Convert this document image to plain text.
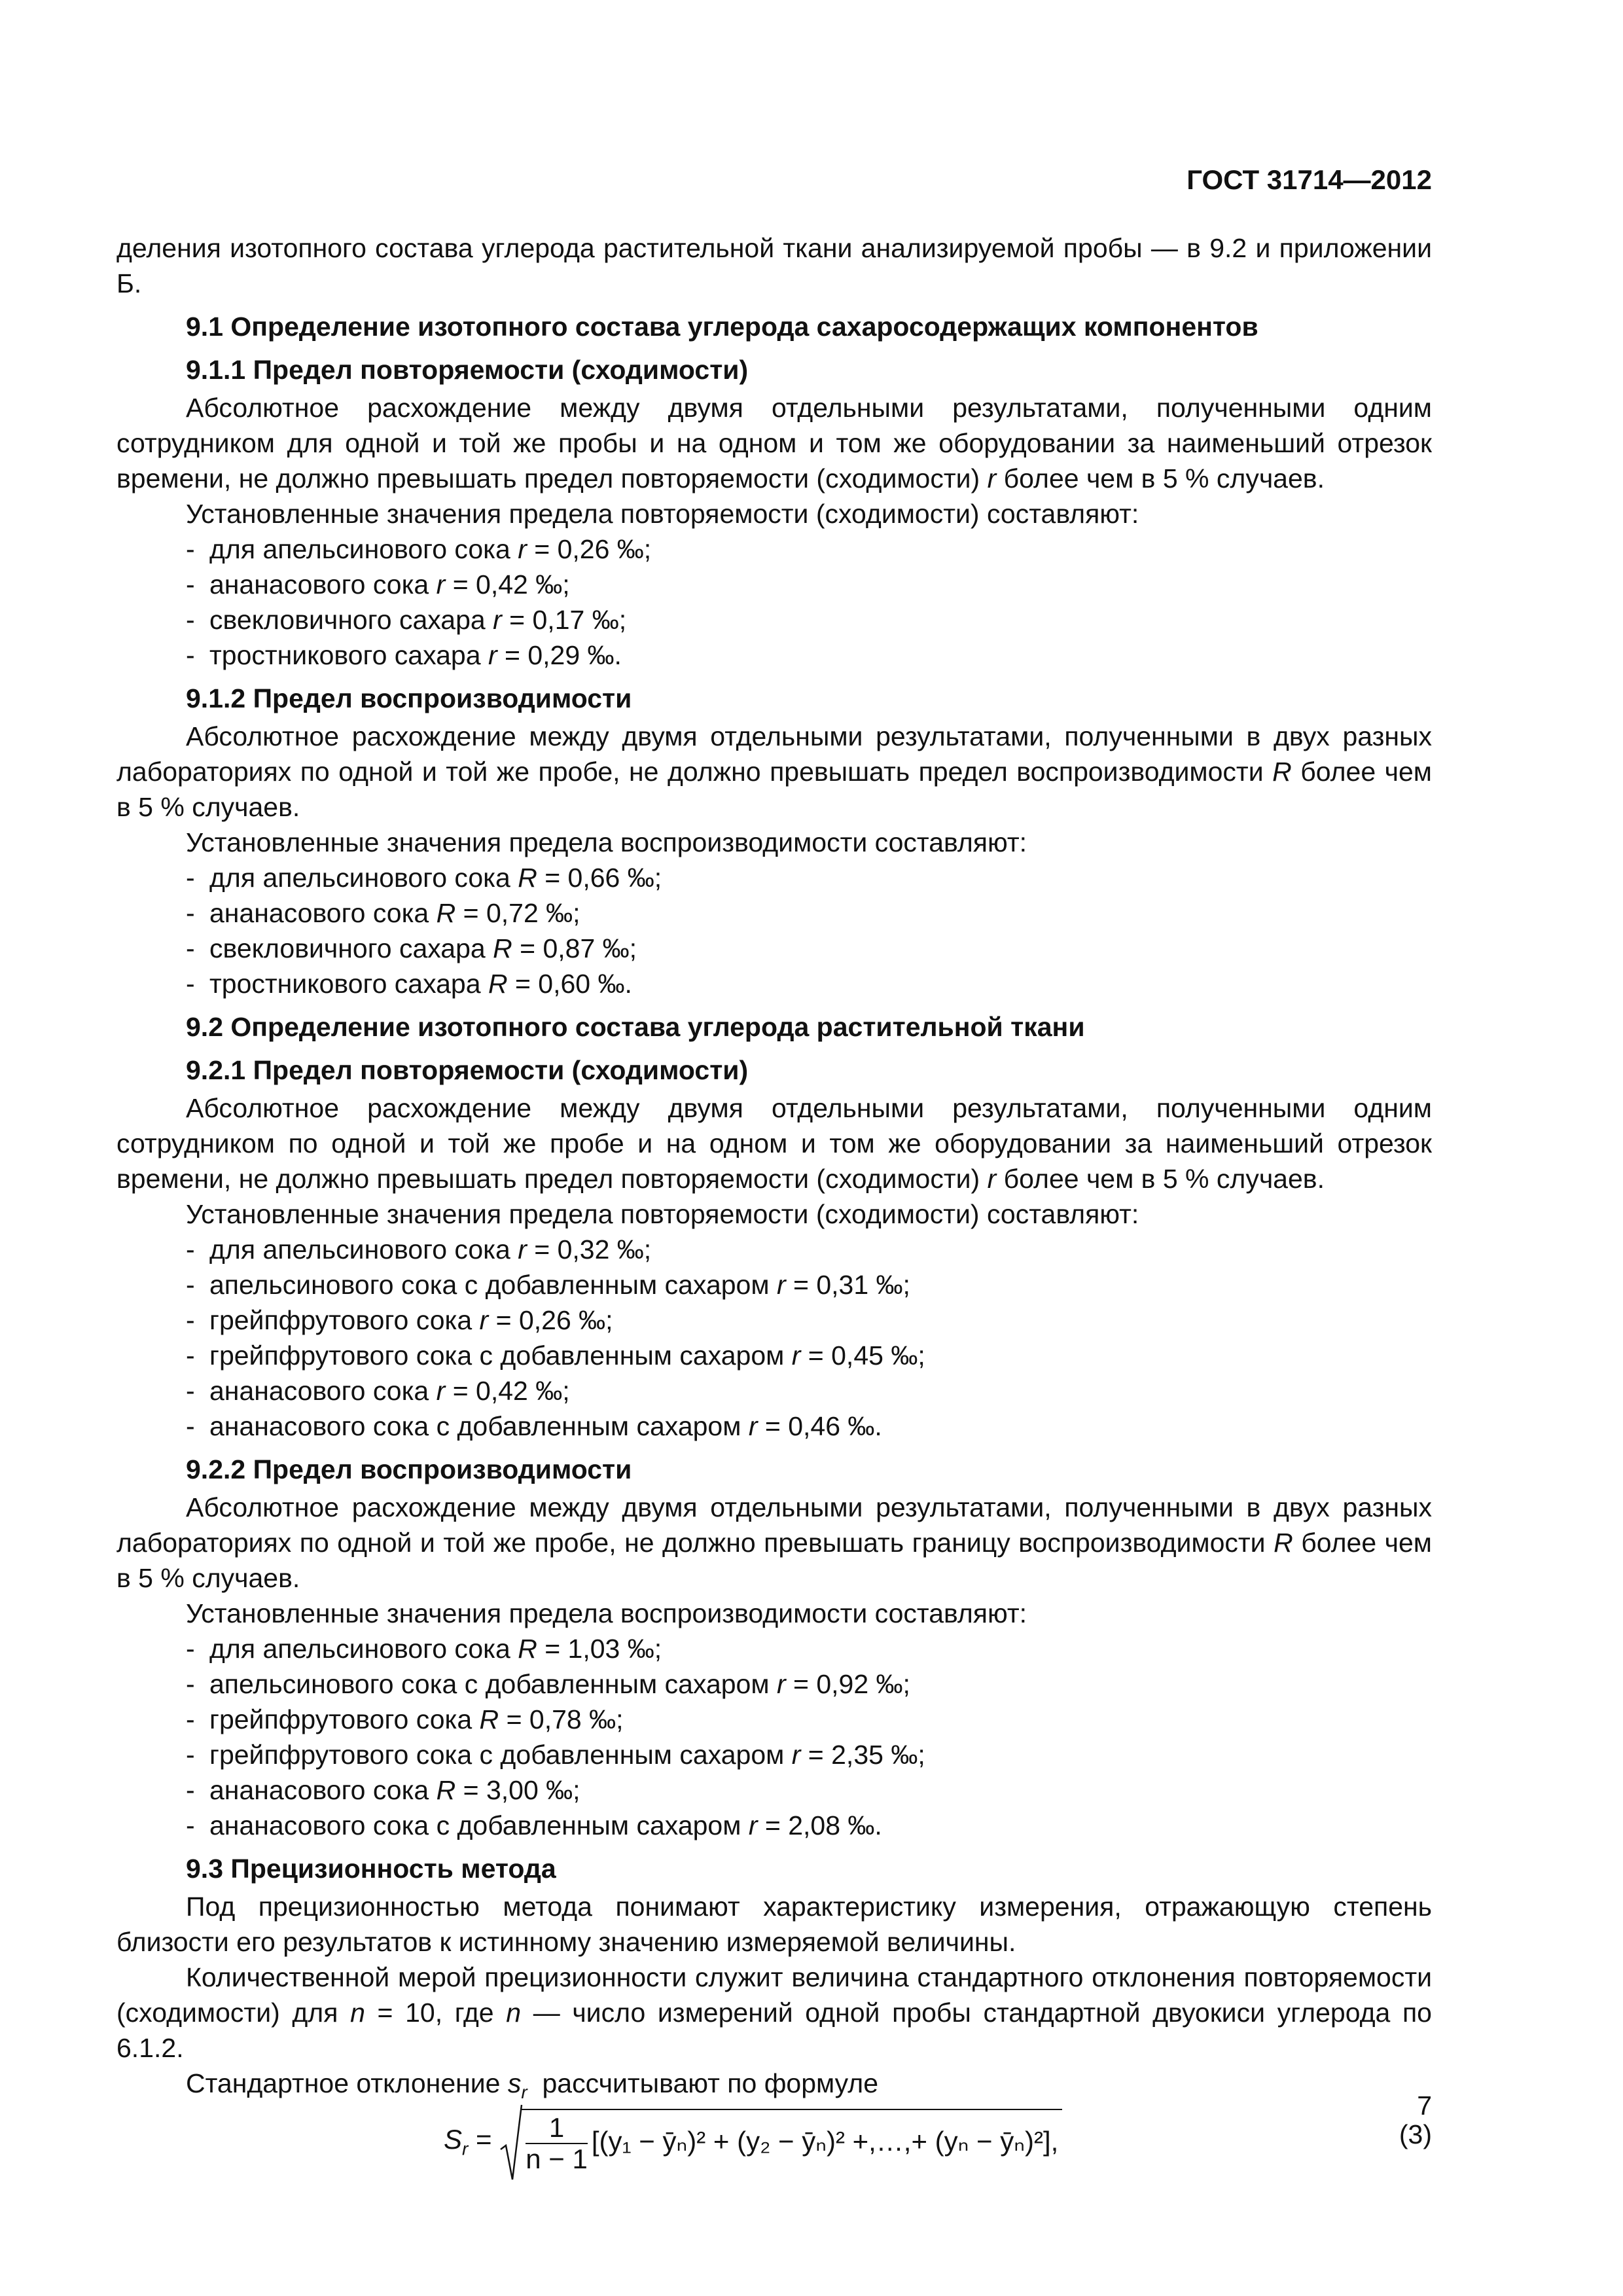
ГОСТ 31714—2012

деления изотопного состава углерода растительной ткани анализируемой пробы — в 9.2 и приложении Б.

9.1 Определение изотопного состава углерода сахаросодержащих компонентов

9.1.1 Предел повторяемости (сходимости)

Абсолютное расхождение между двумя отдельными результатами, полученными одним сотрудником для одной и той же пробы и на одном и том же оборудовании за наименьший отрезок времени, не должно превышать предел повторяемости (сходимости) r более чем в 5 % случаев.

Установленные значения предела повторяемости (сходимости) составляют:

- для апельсинового сока r = 0,26 ‰;
- ананасового сока r = 0,42 ‰;
- свекловичного сахара r = 0,17 ‰;
- тростникового сахара r = 0,29 ‰.

9.1.2 Предел воспроизводимости

Абсолютное расхождение между двумя отдельными результатами, полученными в двух разных лабораториях по одной и той же пробе, не должно превышать предел воспроизводимости R более чем в 5 % случаев.

Установленные значения предела воспроизводимости составляют:

- для апельсинового сока R = 0,66 ‰;
- ананасового сока R = 0,72 ‰;
- свекловичного сахара R = 0,87 ‰;
- тростникового сахара R = 0,60 ‰.

9.2 Определение изотопного состава углерода растительной ткани

9.2.1 Предел повторяемости (сходимости)

Абсолютное расхождение между двумя отдельными результатами, полученными одним сотрудником по одной и той же пробе и на одном и том же оборудовании за наименьший отрезок времени, не должно превышать предел повторяемости (сходимости) r более чем в 5 % случаев.

Установленные значения предела повторяемости (сходимости) составляют:

- для апельсинового сока r = 0,32 ‰;
- апельсинового сока с добавленным сахаром r = 0,31 ‰;
- грейпфрутового сока r = 0,26 ‰;
- грейпфрутового сока с добавленным сахаром r = 0,45 ‰;
- ананасового сока r = 0,42 ‰;
- ананасового сока с добавленным сахаром r = 0,46 ‰.

9.2.2 Предел воспроизводимости

Абсолютное расхождение между двумя отдельными результатами, полученными в двух разных лабораториях по одной и той же пробе, не должно превышать границу воспроизводимости R более чем в 5 % случаев.

Установленные значения предела воспроизводимости составляют:

- для апельсинового сока R = 1,03 ‰;
- апельсинового сока с добавленным сахаром r = 0,92 ‰;
- грейпфрутового сока R = 0,78 ‰;
- грейпфрутового сока с добавленным сахаром r = 2,35 ‰;
- ананасового сока R = 3,00 ‰;
- ананасового сока с добавленным сахаром r = 2,08 ‰.

9.3 Прецизионность метода

Под прецизионностью метода понимают характеристику измерения, отражающую степень близости его результатов к истинному значению измеряемой величины.

Количественной мерой прецизионности служит величина стандартного отклонения повторяемости (сходимости) для n = 10, где n — число измерений одной пробы стандартной двуокиси углерода по 6.1.2.

Стандартное отклонение $s_r$ рассчитывают по формуле

$S_r = \frac{1}{n - 1} [(y_1$ − ȳₙ)² + (y₂ − ȳₙ)² +,…,+ (yₙ − ȳₙ)²],	(3)
7
